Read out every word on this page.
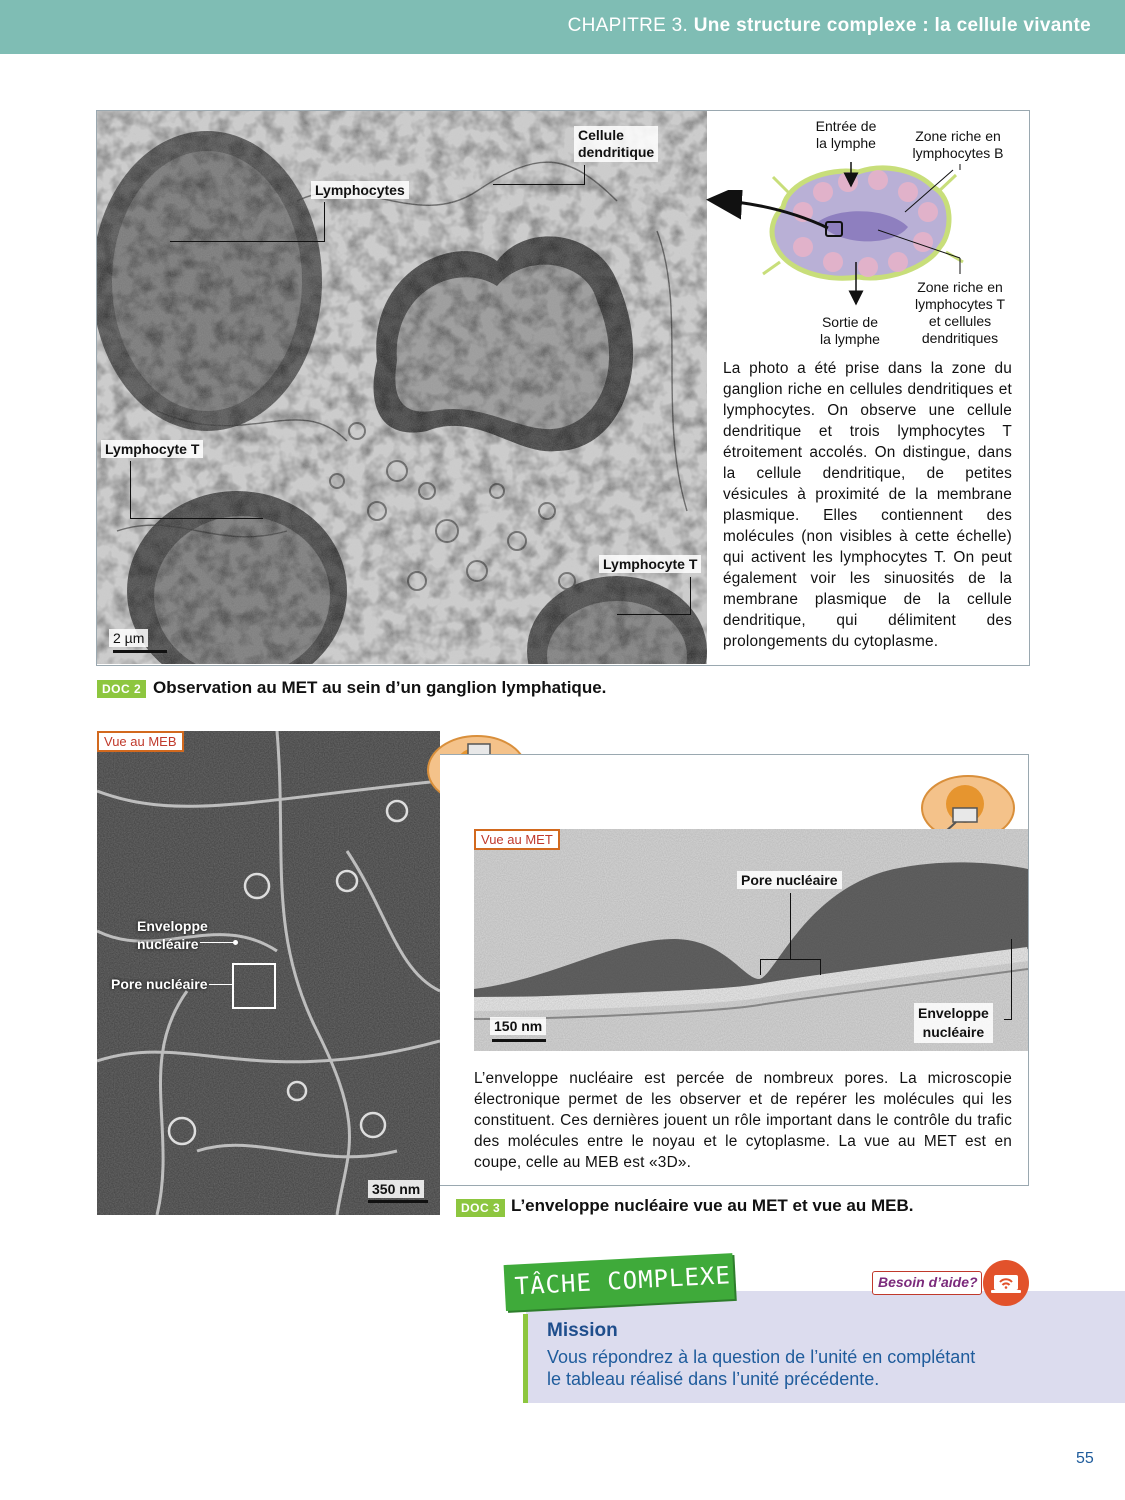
CHAPITRE 3. Une structure complexe : la cellule vivante
Cellule
dendritique
Lymphocytes
Lymphocyte T
Lymphocyte T
2 µm
Entrée de
la lymphe	Zone riche en
lymphocytes B
Zone riche en
lymphocytes T
et cellules
dendritiques
Sortie de
la lymphe
La photo a été prise dans la zone du ganglion riche en cellules dendritiques et lymphocytes. On observe une cellule dendritique et trois lymphocytes T étroitement accolés. On distingue, dans la cellule dendritique, de petites vésicules à proximité de la membrane plasmique. Elles contiennent des molécules (non visibles à cette échelle) qui activent les lymphocytes T. On peut également voir les sinuosités de la membrane plasmique de la cellule dendritique, qui délimitent des prolongements du cytoplasme.
DOC 2 Observation au MET au sein d’un ganglion lymphatique.
Enveloppe
nucléaire
Pore nucléaire
350 nm
Vue au MEB
Pore nucléaire
Enveloppe
nucléaire
150 nm
Vue au MET
L’enveloppe nucléaire est percée de nombreux pores. La microscopie électronique permet de les observer et de repérer les molécules qui les constituent. Ces dernières jouent un rôle important dans le contrôle du trafic des molécules entre le noyau et le cytoplasme. La vue au MET est en coupe, celle au MEB est «3D».
DOC 3 L’enveloppe nucléaire vue au MET et vue au MEB.
TÂCHE COMPLEXE	Besoin d’aide?
Mission
Vous répondrez à la question de l’unité en complétant
le tableau réalisé dans l’unité précédente.
55
